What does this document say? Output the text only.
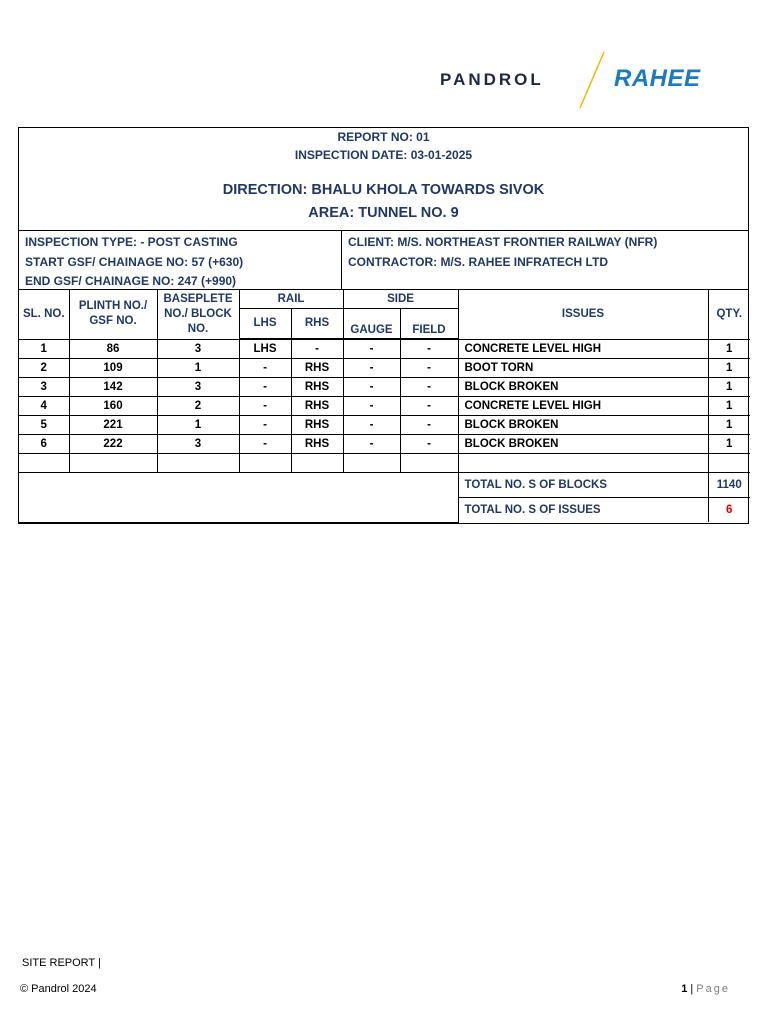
PANDROL	RAHEE
REPORT NO: 01
INSPECTION DATE: 03-01-2025
DIRECTION: BHALU KHOLA TOWARDS SIVOK
AREA: TUNNEL NO. 9
INSPECTION TYPE: - POST CASTING
START GSF/ CHAINAGE NO: 57 (+630)
END GSF/ CHAINAGE NO: 247 (+990)
CLIENT: M/S. NORTHEAST FRONTIER RAILWAY (NFR)
CONTRACTOR: M/S. RAHEE INFRATECH LTD
SL. NO.	PLINTH NO./ GSF NO.	BASEPLETE NO./ BLOCK NO.	RAIL		SIDE		ISSUES	QTY.
			LHS	RHS	GAUGE	FIELD		
1	86	3	LHS	-	-	-	CONCRETE LEVEL HIGH	1
2	109	1	-	RHS	-	-	BOOT TORN	1
3	142	3	-	RHS	-	-	BLOCK BROKEN	1
4	160	2	-	RHS	-	-	CONCRETE LEVEL HIGH	1
5	221	1	-	RHS	-	-	BLOCK BROKEN	1
6	222	3	-	RHS	-	-	BLOCK BROKEN	1

							TOTAL NO. S OF BLOCKS	1140
							TOTAL NO. S OF ISSUES	6
SITE REPORT |
© Pandrol 2024	1 | Page
